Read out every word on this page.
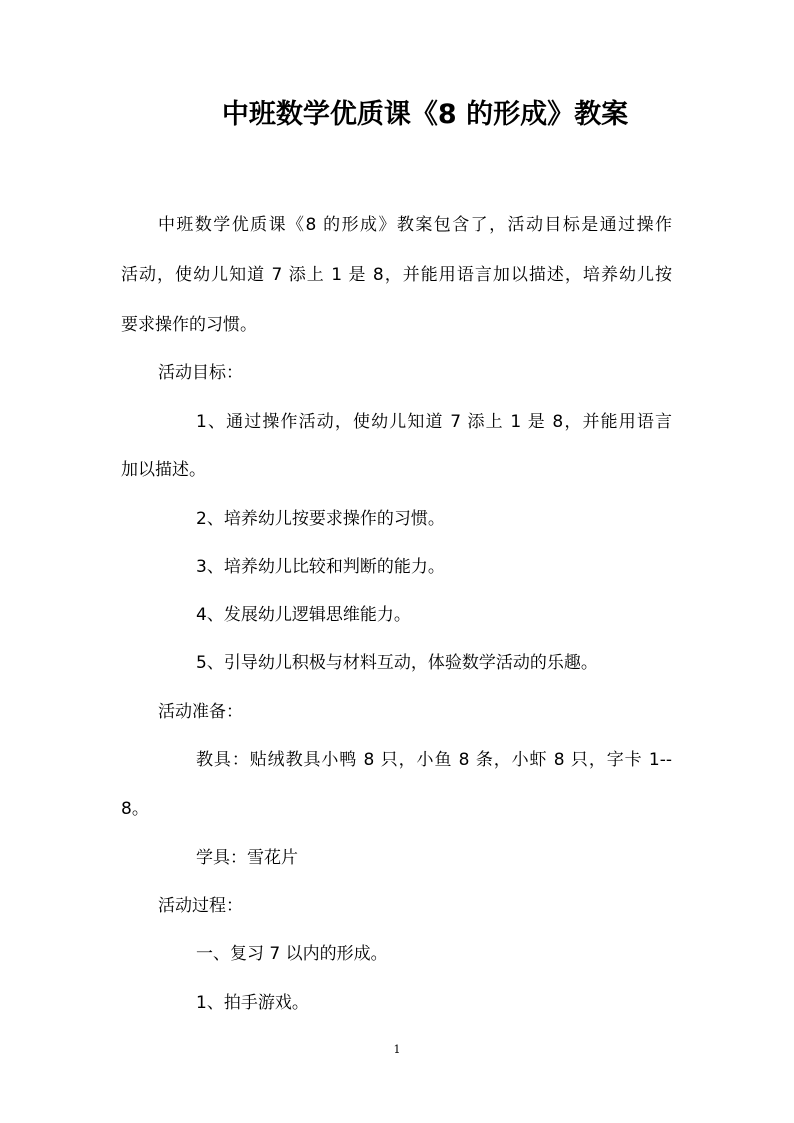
中班数学优质课《8 的形成》教案
中班数学优质课《8 的形成》教案包含了，活动目标是通过操作
活动，使幼儿知道 7 添上 1 是 8，并能用语言加以描述，培养幼儿按
要求操作的习惯。
活动目标：
1、通过操作活动，使幼儿知道 7 添上 1 是 8，并能用语言
加以描述。
2、培养幼儿按要求操作的习惯。
3、培养幼儿比较和判断的能力。
4、发展幼儿逻辑思维能力。
5、引导幼儿积极与材料互动，体验数学活动的乐趣。
活动准备：
教具：贴绒教具小鸭 8 只，小鱼 8 条，小虾 8 只，字卡 1--
8。
学具：雪花片
活动过程：
一、复习 7 以内的形成。
1、拍手游戏。
1
